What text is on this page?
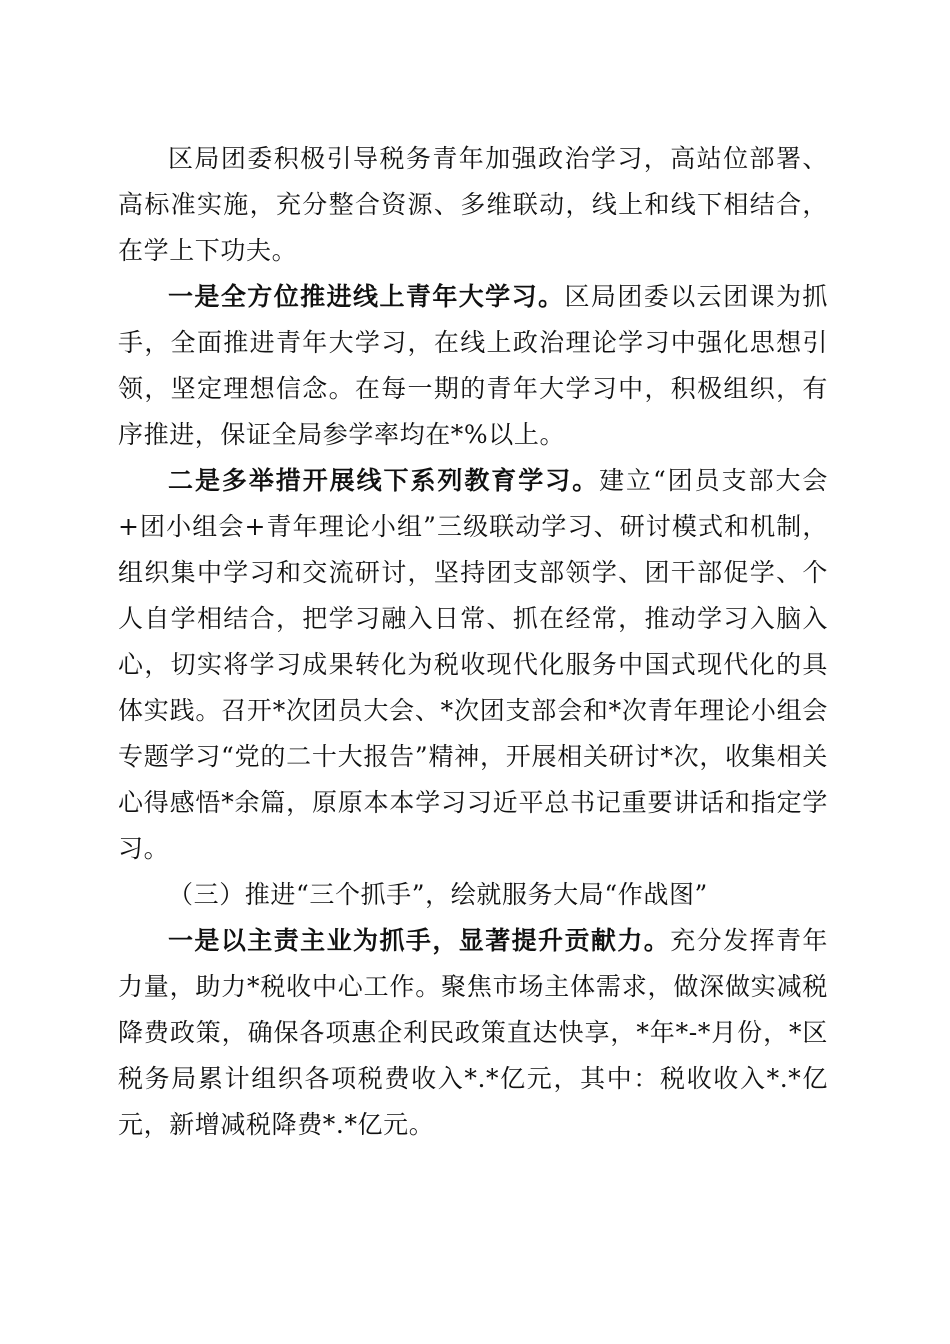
区局团委积极引导税务青年加强政治学习，高站位部署、高标准实施，充分整合资源、多维联动，线上和线下相结合，在学上下功夫。

一是全方位推进线上青年大学习。区局团委以云团课为抓手，全面推进青年大学习，在线上政治理论学习中强化思想引领，坚定理想信念。在每一期的青年大学习中，积极组织，有序推进，保证全局参学率均在*%以上。

二是多举措开展线下系列教育学习。建立“团员支部大会+团小组会+青年理论小组”三级联动学习、研讨模式和机制，组织集中学习和交流研讨，坚持团支部领学、团干部促学、个人自学相结合，把学习融入日常、抓在经常，推动学习入脑入心，切实将学习成果转化为税收现代化服务中国式现代化的具体实践。召开*次团员大会、*次团支部会和*次青年理论小组会专题学习“党的二十大报告”精神，开展相关研讨*次，收集相关心得感悟*余篇，原原本本学习习近平总书记重要讲话和指定学习。

（三）推进“三个抓手”，绘就服务大局“作战图”

一是以主责主业为抓手，显著提升贡献力。充分发挥青年力量，助力*税收中心工作。聚焦市场主体需求，做深做实减税降费政策，确保各项惠企利民政策直达快享，*年*-*月份，*区税务局累计组织各项税费收入*.*亿元，其中：税收收入*.*亿元，新增减税降费*.*亿元。
